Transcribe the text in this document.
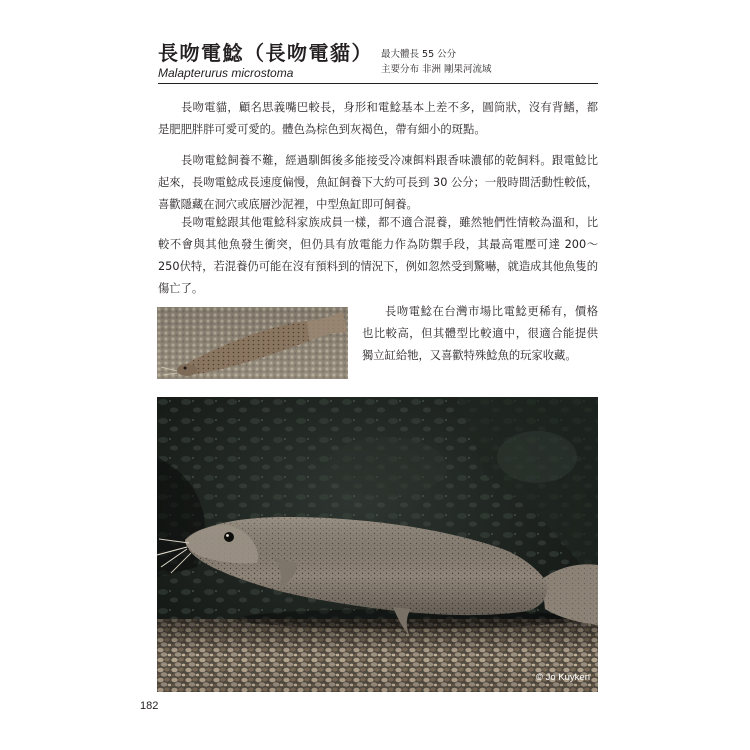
長吻電鯰（長吻電貓）
Malapterurus microstoma
最大體長 55 公分
主要分布 非洲 剛果河流域

長吻電貓，顧名思義嘴巴較長，身形和電鯰基本上差不多，圓筒狀，沒有背鰭，都是肥肥胖胖可愛可愛的。體色為棕色到灰褐色，帶有細小的斑點。

長吻電鯰飼養不難，經過馴餌後多能接受冷凍餌料跟香味濃郁的乾飼料。跟電鯰比起來，長吻電鯰成長速度偏慢，魚缸飼養下大約可長到 30 公分；一般時間活動性較低，喜歡隱藏在洞穴或底層沙泥裡，中型魚缸即可飼養。

長吻電鯰跟其他電鯰科家族成員一樣，都不適合混養，雖然牠們性情較為溫和，比較不會與其他魚發生衝突，但仍具有放電能力作為防禦手段，其最高電壓可達 200～250伏特，若混養仍可能在沒有預料到的情況下，例如忽然受到驚嚇，就造成其他魚隻的傷亡了。

長吻電鯰在台灣市場比電鯰更稀有，價格也比較高，但其體型比較適中，很適合能提供獨立缸給牠，又喜歡特殊鯰魚的玩家收藏。

© Jo Kuyken
182
